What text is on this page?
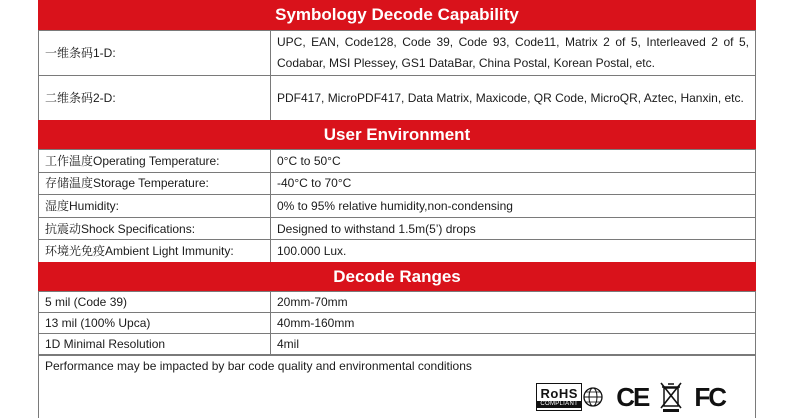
Symbology Decode Capability
一维条码1-D:	UPC, EAN, Code128, Code 39, Code 93, Code11, Matrix 2 of 5, Interleaved 2 of 5, Codabar, MSI Plessey, GS1 DataBar, China Postal, Korean Postal, etc.
二维条码2-D:	PDF417, MicroPDF417, Data Matrix, Maxicode, QR Code, MicroQR, Aztec, Hanxin, etc.
User Environment
工作温度Operating Temperature:	0°C to 50°C
存储温度Storage Temperature:	-40°C to 70°C
湿度Humidity:	0% to 95% relative humidity,non-condensing
抗震动Shock Specifications:	Designed to withstand 1.5m(5’) drops
环境光免疫Ambient Light Immunity:	100.000 Lux.
Decode Ranges
5 mil (Code 39)	20mm-70mm
13 mil (100% Upca)	40mm-160mm
1D Minimal Resolution	4mil
Performance may be impacted by bar code quality and environmental conditions
RoHS
COMPLIANT CE FC
